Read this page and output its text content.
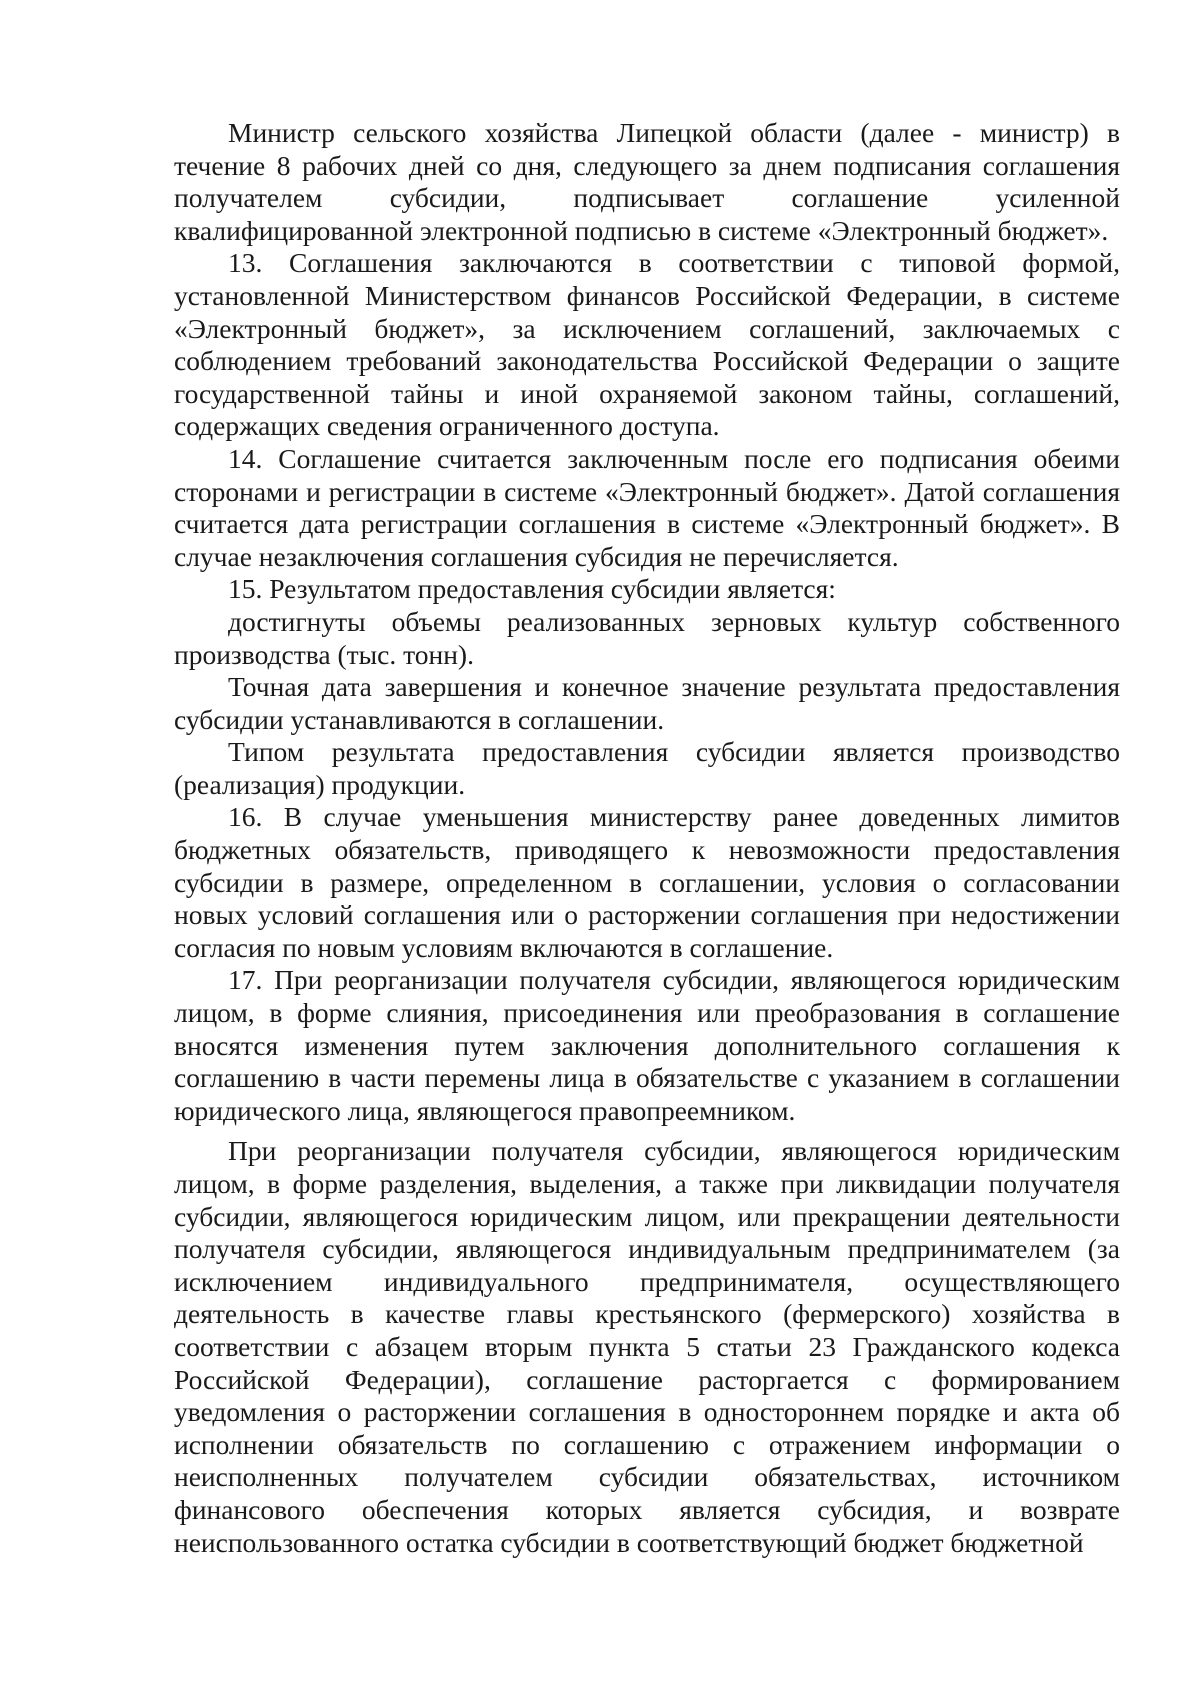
Министр сельского хозяйства Липецкой области (далее - министр) в течение 8 рабочих дней со дня, следующего за днем подписания соглашения получателем субсидии, подписывает соглашение усиленной квалифицированной электронной подписью в системе «Электронный бюджет».

13. Соглашения заключаются в соответствии с типовой формой, установленной Министерством финансов Российской Федерации, в системе «Электронный бюджет», за исключением соглашений, заключаемых с соблюдением требований законодательства Российской Федерации о защите государственной тайны и иной охраняемой законом тайны, соглашений, содержащих сведения ограниченного доступа.

14. Соглашение считается заключенным после его подписания обеими сторонами и регистрации в системе «Электронный бюджет». Датой соглашения считается дата регистрации соглашения в системе «Электронный бюджет». В случае незаключения соглашения субсидия не перечисляется.

15. Результатом предоставления субсидии является:

достигнуты объемы реализованных зерновых культур собственного производства (тыс. тонн).

Точная дата завершения и конечное значение результата предоставления субсидии устанавливаются в соглашении.

Типом результата предоставления субсидии является производство (реализация) продукции.

16. В случае уменьшения министерству ранее доведенных лимитов бюджетных обязательств, приводящего к невозможности предоставления субсидии в размере, определенном в соглашении, условия о согласовании новых условий соглашения или о расторжении соглашения при недостижении согласия по новым условиям включаются в соглашение.

17. При реорганизации получателя субсидии, являющегося юридическим лицом, в форме слияния, присоединения или преобразования в соглашение вносятся изменения путем заключения дополнительного соглашения к соглашению в части перемены лица в обязательстве с указанием в соглашении юридического лица, являющегося правопреемником.

При реорганизации получателя субсидии, являющегося юридическим лицом, в форме разделения, выделения, а также при ликвидации получателя субсидии, являющегося юридическим лицом, или прекращении деятельности получателя субсидии, являющегося индивидуальным предпринимателем (за исключением индивидуального предпринимателя, осуществляющего деятельность в качестве главы крестьянского (фермерского) хозяйства в соответствии с абзацем вторым пункта 5 статьи 23 Гражданского кодекса Российской Федерации), соглашение расторгается с формированием уведомления о расторжении соглашения в одностороннем порядке и акта об исполнении обязательств по соглашению с отражением информации о неисполненных получателем субсидии обязательствах, источником финансового обеспечения которых является субсидия, и возврате неиспользованного остатка субсидии в соответствующий бюджет бюджетной
